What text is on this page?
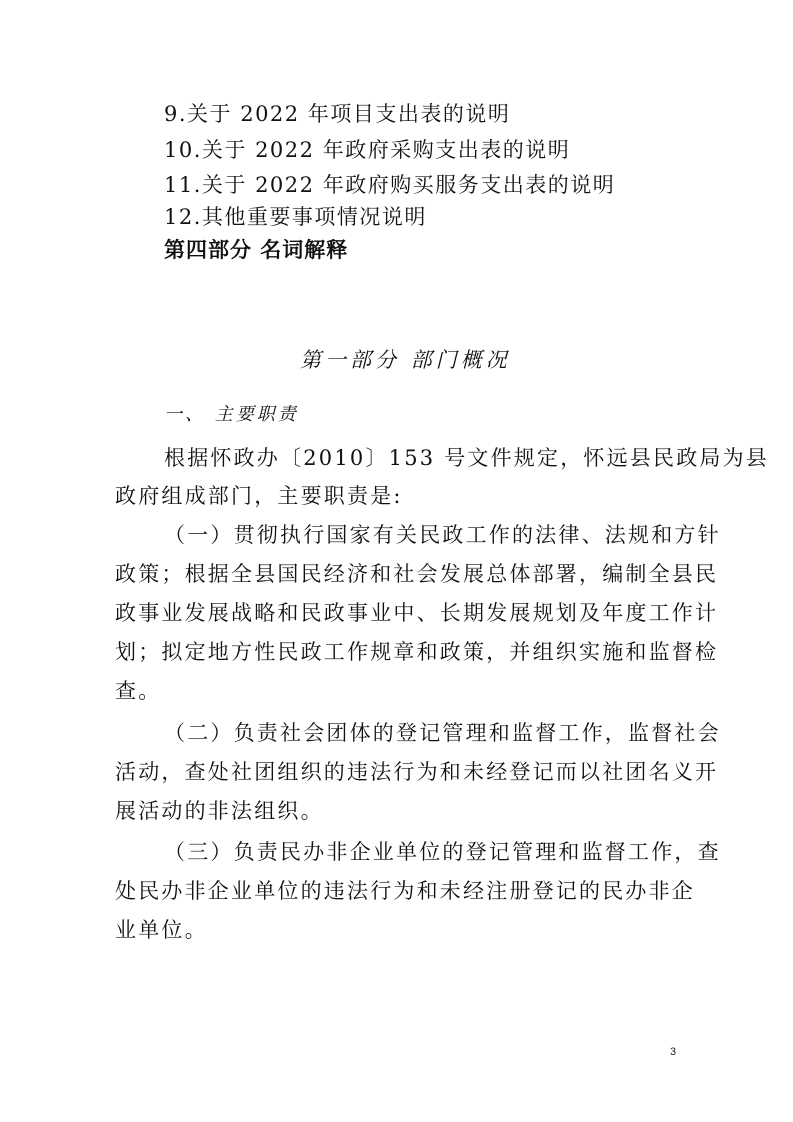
9.关于 2022 年项目支出表的说明
10.关于 2022 年政府采购支出表的说明
11.关于 2022 年政府购买服务支出表的说明
12.其他重要事项情况说明
第四部分 名词解释
第一部分 部门概况
一、 主要职责
根据怀政办〔2010〕153 号文件规定，怀远县民政局为县
政府组成部门，主要职责是:
（一）贯彻执行国家有关民政工作的法律、法规和方针
政策；根据全县国民经济和社会发展总体部署，编制全县民
政事业发展战略和民政事业中、长期发展规划及年度工作计
划；拟定地方性民政工作规章和政策，并组织实施和监督检
查。
（二）负责社会团体的登记管理和监督工作，监督社会
活动，查处社团组织的违法行为和未经登记而以社团名义开
展活动的非法组织。
（三）负责民办非企业单位的登记管理和监督工作，查
处民办非企业单位的违法行为和未经注册登记的民办非企
业单位。
3
